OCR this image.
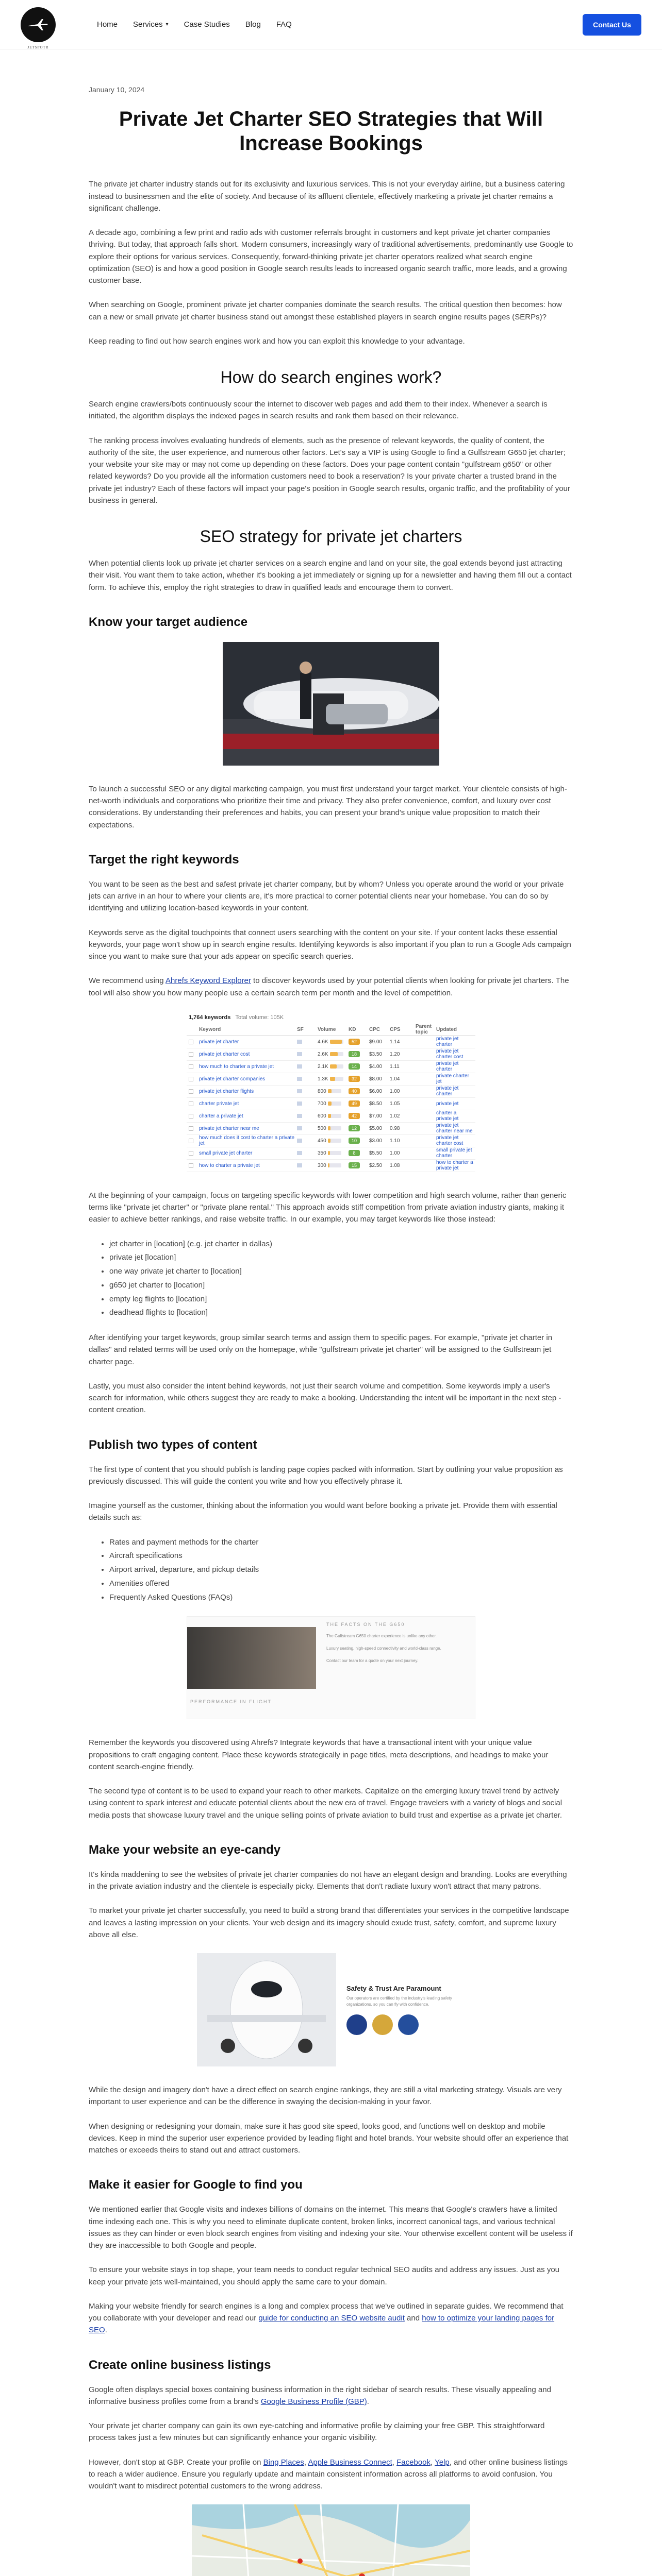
JETSPOTR
Home Services ▾ Case Studies Blog FAQ	Contact Us
January 10, 2024
Private Jet Charter SEO Strategies that Will Increase Bookings

The private jet charter industry stands out for its exclusivity and luxurious services. This is not your everyday airline, but a business catering instead to businessmen and the elite of society. And because of its affluent clientele, effectively marketing a private jet charter remains a significant challenge.

A decade ago, combining a few print and radio ads with customer referrals brought in customers and kept private jet charter companies thriving. But today, that approach falls short. Modern consumers, increasingly wary of traditional advertisements, predominantly use Google to explore their options for various services. Consequently, forward-thinking private jet charter operators realized what search engine optimization (SEO) is and how a good position in Google search results leads to increased organic search traffic, more leads, and a growing customer base.

When searching on Google, prominent private jet charter companies dominate the search results. The critical question then becomes: how can a new or small private jet charter business stand out amongst these established players in search engine results pages (SERPs)?

Keep reading to find out how search engines work and how you can exploit this knowledge to your advantage.

How do search engines work?

Search engine crawlers/bots continuously scour the internet to discover web pages and add them to their index. Whenever a search is initiated, the algorithm displays the indexed pages in search results and rank them based on their relevance.

The ranking process involves evaluating hundreds of elements, such as the presence of relevant keywords, the quality of content, the authority of the site, the user experience, and numerous other factors. Let's say a VIP is using Google to find a Gulfstream G650 jet charter; your website your site may or may not come up depending on these factors. Does your page content contain "gulfstream g650" or other related keywords? Do you provide all the information customers need to book a reservation? Is your private charter a trusted brand in the private jet industry? Each of these factors will impact your page's position in Google search results, organic traffic, and the profitability of your business in general.

SEO strategy for private jet charters

When potential clients look up private jet charter services on a search engine and land on your site, the goal extends beyond just attracting their visit. You want them to take action, whether it's booking a jet immediately or signing up for a newsletter and having them fill out a contact form. To achieve this, employ the right strategies to draw in qualified leads and encourage them to convert.

Know your target audience

To launch a successful SEO or any digital marketing campaign, you must first understand your target market. Your clientele consists of high-net-worth individuals and corporations who prioritize their time and privacy. They also prefer convenience, comfort, and luxury over cost considerations. By understanding their preferences and habits, you can present your brand's unique value proposition to match their expectations.

Target the right keywords

You want to be seen as the best and safest private jet charter company, but by whom? Unless you operate around the world or your private jets can arrive in an hour to where your clients are, it's more practical to corner potential clients near your homebase. You can do so by identifying and utilizing location-based keywords in your content.

Keywords serve as the digital touchpoints that connect users searching with the content on your site. If your content lacks these essential keywords, your page won't show up in search engine results. Identifying keywords is also important if you plan to run a Google Ads campaign since you want to make sure that your ads appear on specific search queries.

We recommend using Ahrefs Keyword Explorer to discover keywords used by your potential clients when looking for private jet charters. The tool will also show you how many people use a certain search term per month and the level of competition.

1,764 keywords Total volume: 105K
Keyword	SF	Volume	KD	CPC	CPS	Parent topic	Updated
private jet charter	4.6K	52	$9.00	1.14	private jet charter
private jet charter cost	2.6K	18	$3.50	1.20	private jet charter cost
how much to charter a private jet	2.1K	14	$4.00	1.11	private jet charter
private jet charter companies	1.3K	32	$8.00	1.04	private charter jet
private jet charter flights	800	40	$6.00	1.00	private jet charter
charter private jet	700	49	$8.50	1.05	private jet
charter a private jet	600	42	$7.00	1.02	charter a private jet
private jet charter near me	500	12	$5.00	0.98	private jet charter near me
how much does it cost to charter a private jet	450	10	$3.00	1.10	private jet charter cost
small private jet charter	350	8	$5.50	1.00	small private jet charter
how to charter a private jet	300	15	$2.50	1.08	how to charter a private jet

At the beginning of your campaign, focus on targeting specific keywords with lower competition and high search volume, rather than generic terms like "private jet charter" or "private plane rental." This approach avoids stiff competition from private aviation industry giants, making it easier to achieve better rankings, and raise website traffic. In our example, you may target keywords like those instead:

• jet charter in [location] (e.g. jet charter in dallas)
• private jet [location]
• one way private jet charter to [location]
• g650 jet charter to [location]
• empty leg flights to [location]
• deadhead flights to [location]

After identifying your target keywords, group similar search terms and assign them to specific pages. For example, "private jet charter in dallas" and related terms will be used only on the homepage, while "gulfstream private jet charter" will be assigned to the Gulfstream jet charter page.

Lastly, you must also consider the intent behind keywords, not just their search volume and competition. Some keywords imply a user's search for information, while others suggest they are ready to make a booking. Understanding the intent will be important in the next step - content creation.

Publish two types of content

The first type of content that you should publish is landing page copies packed with information. Start by outlining your value proposition as previously discussed. This will guide the content you write and how you effectively phrase it.

Imagine yourself as the customer, thinking about the information you would want before booking a private jet. Provide them with essential details such as:

• Rates and payment methods for the charter
• Aircraft specifications
• Airport arrival, departure, and pickup details
• Amenities offered
• Frequently Asked Questions (FAQs)
THE FACTS ON THE G650
The Gulfstream G650 charter experience is unlike any other.
Luxury seating, high-speed connectivity and world-class range.
Contact our team for a quote on your next journey.
PERFORMANCE IN FLIGHT

Remember the keywords you discovered using Ahrefs? Integrate keywords that have a transactional intent with your unique value propositions to craft engaging content. Place these keywords strategically in page titles, meta descriptions, and headings to make your content search-engine friendly.

The second type of content is to be used to expand your reach to other markets. Capitalize on the emerging luxury travel trend by actively using content to spark interest and educate potential clients about the new era of travel. Engage travelers with a variety of blogs and social media posts that showcase luxury travel and the unique selling points of private aviation to build trust and expertise as a private jet charter.

Make your website an eye-candy

It's kinda maddening to see the websites of private jet charter companies do not have an elegant design and branding. Looks are everything in the private aviation industry and the clientele is especially picky. Elements that don't radiate luxury won't attract that many patrons.

To market your private jet charter successfully, you need to build a strong brand that differentiates your services in the competitive landscape and leaves a lasting impression on your clients. Your web design and its imagery should exude trust, safety, comfort, and supreme luxury above all else.

Safety & Trust Are Paramount
Our operators are certified by the industry's leading safety organizations, so you can fly with confidence.

While the design and imagery don't have a direct effect on search engine rankings, they are still a vital marketing strategy. Visuals are very important to user experience and can be the difference in swaying the decision-making in your favor.

When designing or redesigning your domain, make sure it has good site speed, looks good, and functions well on desktop and mobile devices. Keep in mind the superior user experience provided by leading flight and hotel brands. Your website should offer an experience that matches or exceeds theirs to stand out and attract customers.

Make it easier for Google to find you

We mentioned earlier that Google visits and indexes billions of domains on the internet. This means that Google's crawlers have a limited time indexing each one. This is why you need to eliminate duplicate content, broken links, incorrect canonical tags, and various technical issues as they can hinder or even block search engines from visiting and indexing your site. Your otherwise excellent content will be useless if they are inaccessible to both Google and people.

To ensure your website stays in top shape, your team needs to conduct regular technical SEO audits and address any issues. Just as you keep your private jets well-maintained, you should apply the same care to your domain.

Making your website friendly for search engines is a long and complex process that we've outlined in separate guides. We recommend that you collaborate with your developer and read our guide for conducting an SEO website audit and how to optimize your landing pages for SEO.

Create online business listings

Google often displays special boxes containing business information in the right sidebar of search results. These visually appealing and informative business profiles come from a brand's Google Business Profile (GBP).

Your private jet charter company can gain its own eye-catching and informative profile by claiming your free GBP. This straightforward process takes just a few minutes but can significantly enhance your organic visibility.

However, don't stop at GBP. Create your profile on Bing Places, Apple Business Connect, Facebook, Yelp, and other online business listings to reach a wider audience. Ensure you regularly update and maintain consistent information across all platforms to avoid confusion. You wouldn't want to misdirect potential customers to the wrong address.
